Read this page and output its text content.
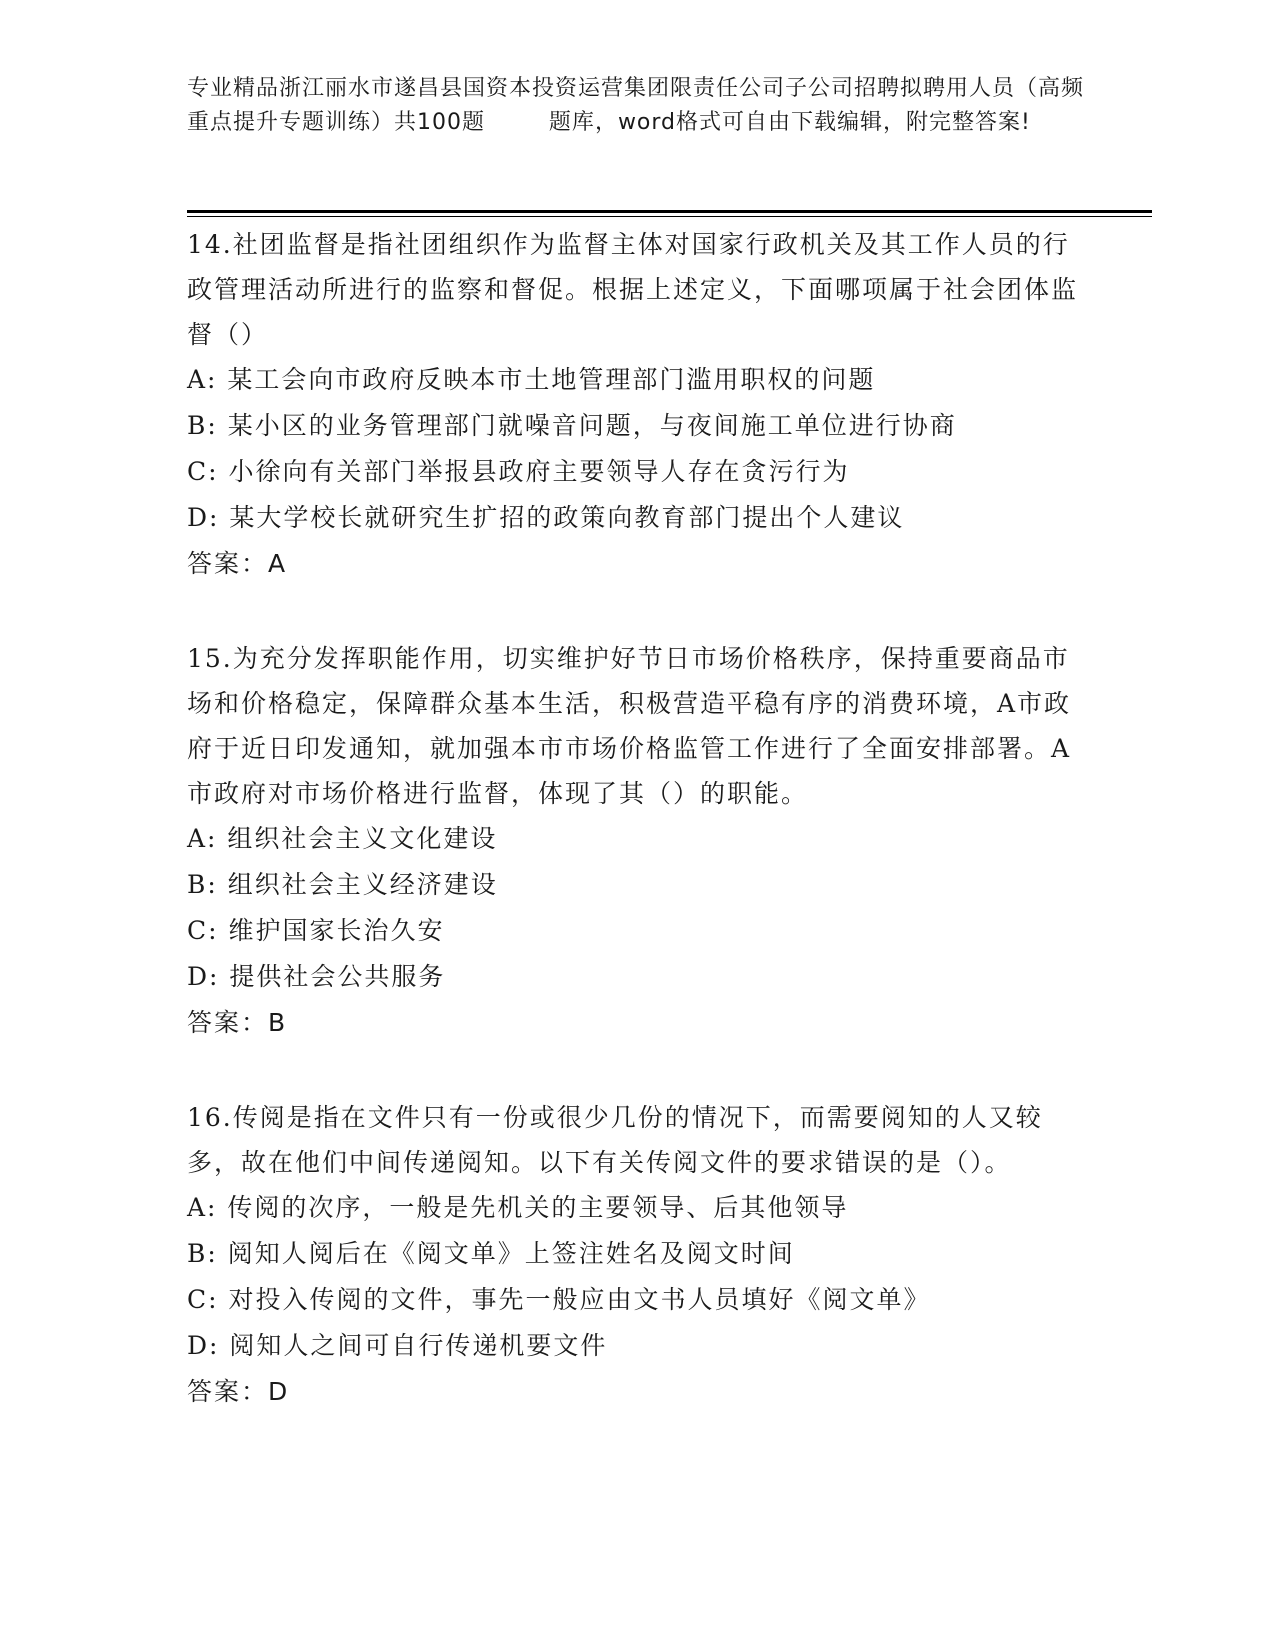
专业精品浙江丽水市遂昌县国资本投资运营集团限责任公司子公司招聘拟聘用人员（高频重点提升专题训练）共100题        题库，word格式可自由下载编辑，附完整答案!

14.社团监督是指社团组织作为监督主体对国家行政机关及其工作人员的行政管理活动所进行的监察和督促。根据上述定义，下面哪项属于社会团体监督（）

A: 某工会向市政府反映本市土地管理部门滥用职权的问题

B: 某小区的业务管理部门就噪音问题，与夜间施工单位进行协商

C: 小徐向有关部门举报县政府主要领导人存在贪污行为

D: 某大学校长就研究生扩招的政策向教育部门提出个人建议

答案：A

15.为充分发挥职能作用，切实维护好节日市场价格秩序，保持重要商品市场和价格稳定，保障群众基本生活，积极营造平稳有序的消费环境，A市政府于近日印发通知，就加强本市市场价格监管工作进行了全面安排部署。A市政府对市场价格进行监督，体现了其（）的职能。

A: 组织社会主义文化建设

B: 组织社会主义经济建设

C: 维护国家长治久安

D: 提供社会公共服务

答案：B

16.传阅是指在文件只有一份或很少几份的情况下，而需要阅知的人又较多，故在他们中间传递阅知。以下有关传阅文件的要求错误的是（）。

A: 传阅的次序，一般是先机关的主要领导、后其他领导

B: 阅知人阅后在《阅文单》上签注姓名及阅文时间

C: 对投入传阅的文件，事先一般应由文书人员填好《阅文单》

D: 阅知人之间可自行传递机要文件

答案：D
